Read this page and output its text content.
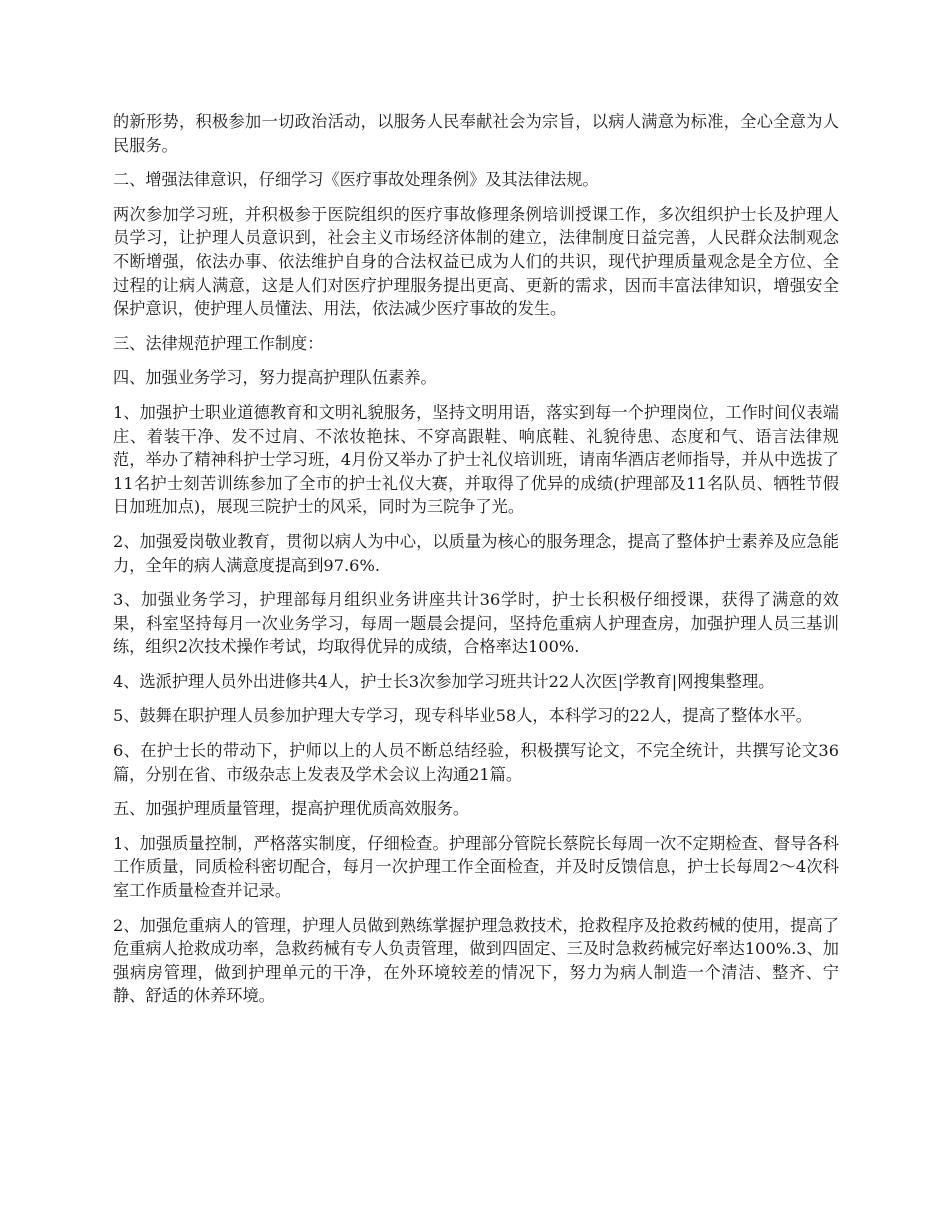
的新形势，积极参加一切政治活动，以服务人民奉献社会为宗旨，以病人满意为标准，全心全意为人民服务。

二、增强法律意识，仔细学习《医疗事故处理条例》及其法律法规。

两次参加学习班，并积极参于医院组织的医疗事故修理条例培训授课工作，多次组织护士长及护理人员学习，让护理人员意识到，社会主义市场经济体制的建立，法律制度日益完善，人民群众法制观念不断增强，依法办事、依法维护自身的合法权益已成为人们的共识，现代护理质量观念是全方位、全过程的让病人满意，这是人们对医疗护理服务提出更高、更新的需求，因而丰富法律知识，增强安全保护意识，使护理人员懂法、用法，依法减少医疗事故的发生。

三、法律规范护理工作制度：

四、加强业务学习，努力提高护理队伍素养。

1、加强护士职业道德教育和文明礼貌服务，坚持文明用语，落实到每一个护理岗位，工作时间仪表端庄、着装干净、发不过肩、不浓妆艳抹、不穿高跟鞋、响底鞋、礼貌待患、态度和气、语言法律规范，举办了精神科护士学习班，4月份又举办了护士礼仪培训班，请南华酒店老师指导，并从中选拔了11名护士刻苦训练参加了全市的护士礼仪大赛，并取得了优异的成绩(护理部及11名队员、牺牲节假日加班加点)，展现三院护士的风采，同时为三院争了光。

2、加强爱岗敬业教育，贯彻以病人为中心，以质量为核心的服务理念，提高了整体护士素养及应急能力，全年的病人满意度提高到97.6%.

3、加强业务学习，护理部每月组织业务讲座共计36学时，护士长积极仔细授课，获得了满意的效果，科室坚持每月一次业务学习，每周一题晨会提问，坚持危重病人护理查房，加强护理人员三基训练，组织2次技术操作考试，均取得优异的成绩，合格率达100%.

4、选派护理人员外出进修共4人，护士长3次参加学习班共计22人次医|学教育|网搜集整理。

5、鼓舞在职护理人员参加护理大专学习，现专科毕业58人，本科学习的22人，提高了整体水平。

6、在护士长的带动下，护师以上的人员不断总结经验，积极撰写论文，不完全统计，共撰写论文36篇，分别在省、市级杂志上发表及学术会议上沟通21篇。

五、加强护理质量管理，提高护理优质高效服务。

1、加强质量控制，严格落实制度，仔细检查。护理部分管院长蔡院长每周一次不定期检查、督导各科工作质量，同质检科密切配合，每月一次护理工作全面检查，并及时反馈信息，护士长每周2～4次科室工作质量检查并记录。

2、加强危重病人的管理，护理人员做到熟练掌握护理急救技术，抢救程序及抢救药械的使用，提高了危重病人抢救成功率，急救药械有专人负责管理，做到四固定、三及时急救药械完好率达100%.3、加强病房管理，做到护理单元的干净，在外环境较差的情况下，努力为病人制造一个清洁、整齐、宁静、舒适的休养环境。
